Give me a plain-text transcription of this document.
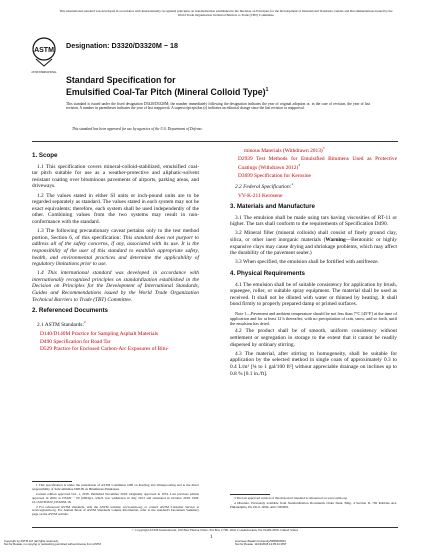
This international standard was developed in accordance with internationally recognized principles on standardization established in the Decision on Principles for the Development of International Standards, Guides and Recommendations issued by the World Trade Organization Technical Barriers to Trade (TBT) Committee.
ASTM
ASTM INTERNATIONAL
Designation: D3320/D3320M − 18
Standard Specification for
Emulsified Coal-Tar Pitch (Mineral Colloid Type)$^1$
This standard is issued under the fixed designation D3320/D3320M; the number immediately following the designation indicates the year of original adoption or, in the case of revision, the year of last revision. A number in parentheses indicates the year of last reapproval. A superscript epsilon (ε) indicates an editorial change since the last revision or reapproval.
This standard has been approved for use by agencies of the U.S. Department of Defense.
1. Scope

1.1 This specification covers mineral-colloid-stabilized, emulsified coal-tar pitch suitable for use as a weather-protective and aliphatic-solvent resistant coating over bituminous pavements of airports, parking areas, and driveways.

1.2 The values stated in either SI units or inch-pound units are to be regarded separately as standard. The values stated in each system may not be exact equivalents; therefore, each system shall be used independently of the other. Combining values from the two systems may result in non-conformance with the standard.

1.3 The following precautionary caveat pertains only to the test method portion, Section 6, of this specification: This standard does not purport to address all of the safety concerns, if any, associated with its use. It is the responsibility of the user of this standard to establish appropriate safety, health, and environmental practices and determine the applicability of regulatory limitations prior to use.

1.4 This international standard was developed in accordance with internationally recognized principles on standardization established in the Decision on Principles for the Development of International Standards, Guides and Recommendations issued by the World Trade Organization Technical Barriers to Trade (TBT) Committee.

2. Referenced Documents

2.1 ASTM Standards:$^2$

D140/D140M Practice for Sampling Asphalt Materials
D490 Specification for Road Tar
D529 Practice for Enclosed Carbon-Arc Exposures of Bitu-

1 This specification is under the jurisdiction of ASTM Committee D08 on Roofing and Waterproofing and is the direct responsibility of Subcommittee D08.09 on Bituminous Emulsions.

Current edition approved Oct. 1, 2018. Published November 2018. Originally approved in 1974. Last previous edition approved in 2004 as D3320 − 00 (2004)ε1, which was withdrawn in July 2013 and reinstated in October 2018. DOI: 10.1520/D3320_D3320M-18.

2 For referenced ASTM standards, visit the ASTM website, www.astm.org, or contact ASTM Customer Service at service@astm.org. For Annual Book of ASTM Standards volume information, refer to the standard's Document Summary page on the ASTM website.

minous Materials (Withdrawn 2013)$^3$
D2939 Test Methods for Emulsified Bitumens Used as Protective Coatings (Withdrawn 2012)$^3$
D3699 Specification for Kerosine

2.2 Federal Specification:$^4$

VV-K-211 Kerosene
3. Materials and Manufacture

3.1 The emulsion shall be made using tars having viscosities of RT-11 or higher. The tars shall conform to the requirements of Specification D490.

3.2 Mineral filler (mineral colloids) shall consist of finely ground clay, silica, or other inert inorganic materials (Warning—Bentonitic or highly expansive clays may cause drying and shrinkage problems, which may affect the durability of the pavement sealer.)

3.3 When specified, the emulsion shall be fortified with antifreeze.

4. Physical Requirements

4.1 The emulsion shall be of suitable consistency for application by brush, squeegee, roller, or suitable spray equipment. The material shall be used as received. It shall not be diluted with water or thinned by heating. It shall bond firmly to properly prepared damp or primed surfaces.

Note 1—Pavement and ambient temperature should be not less than 7°C [45°F] at the time of application and for at least 12 h thereafter, with no precipitation of rain, snow, and so forth, until the emulsion has dried.

4.2 The product shall be of smooth, uniform consistency without settlement or segregation in storage to the extent that it cannot be readily dispersed by ordinary stirring.

4.3 The material, after stirring to homogeneity, shall be suitable for application by the selected method in single coats of approximately 0.3 to 0.4 L/m² [¾ to 1 gal/100 ft²] without appreciable drainage on inclines up to 0.8 % [0.1 in./ft].

3 The last approved version of this historical standard is referenced on www.astm.org.

4 Obsolete. Previously available from Standardization Documents Order Desk, Bldg. 4 Section D, 700 Robbins Ave. Philadelphia, PA 19111-5094, Attn: NPODS.

© Copyright ASTM International, 100 Barr Harbor Drive, PO Box C700, West Conshohocken, PA 19428-2959. United States
1
Copyright by ASTM Int'l (all rights reserved);
Not for Resale, no copying or networking permitted without license from ASTM
Licensee=Deakin University/5956060001
Not for Resale, 11/13/2018 14:05:21 MST
